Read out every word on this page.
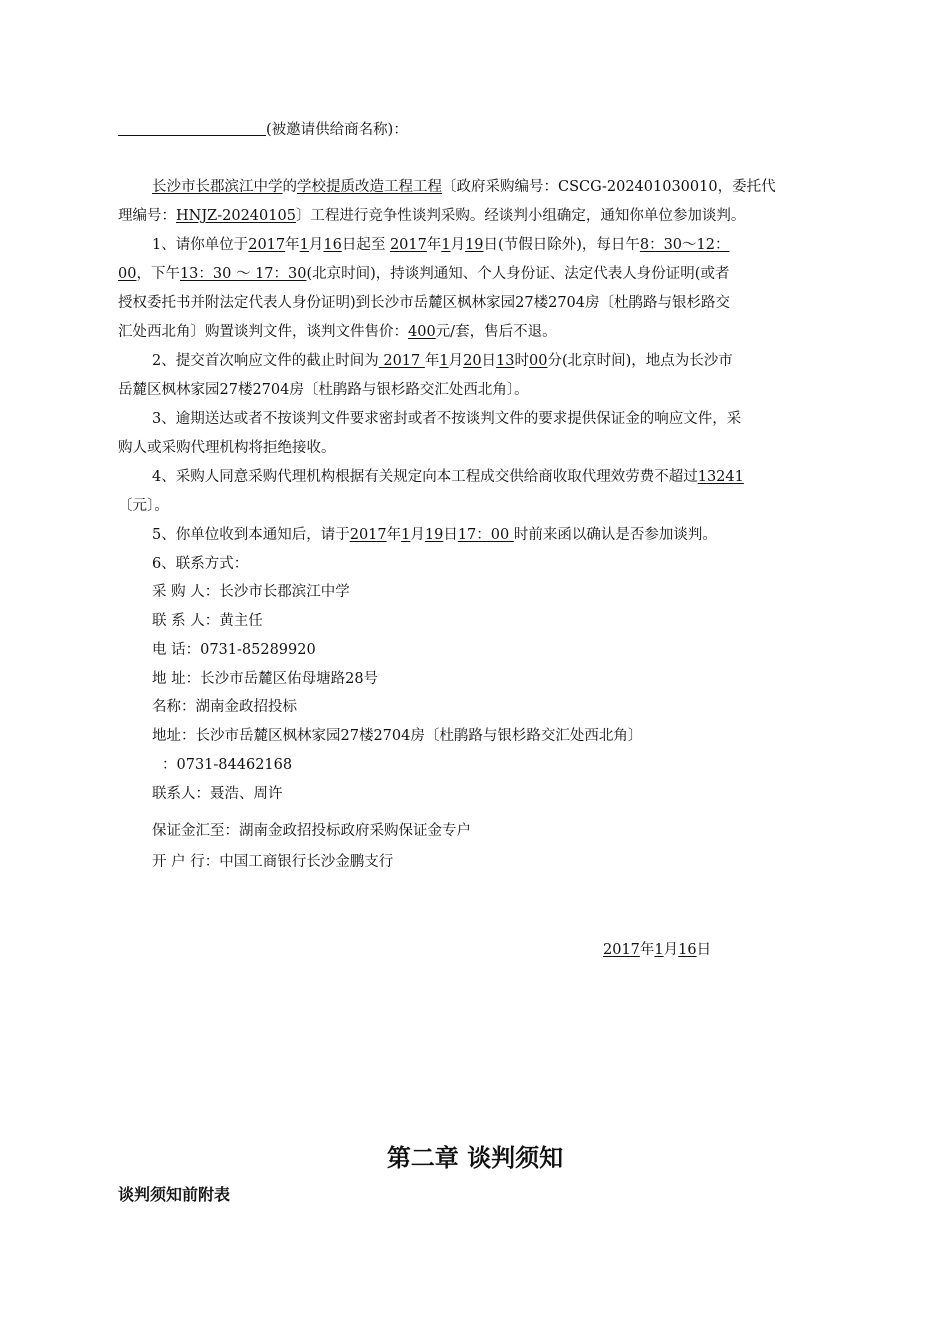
(被邀请供给商名称)：
长沙市长郡滨江中学的学校提质改造工程工程〔政府采购编号：CSCG-202401030010，委托代
理编号：HNJZ-20240105〕工程进行竞争性谈判采购。经谈判小组确定，通知你单位参加谈判。
1、请你单位于2017年1月16日起至 2017年1月19日(节假日除外)，每日午8：30～12：
00，下午13：30 ～ 17：30(北京时间)，持谈判通知、个人身份证、法定代表人身份证明(或者
授权委托书并附法定代表人身份证明)到长沙市岳麓区枫林家园27楼2704房〔杜鹃路与银杉路交
汇处西北角〕购置谈判文件，谈判文件售价：400元/套，售后不退。
2、提交首次响应文件的截止时间为 2017 年1月20日13时00分(北京时间)，地点为长沙市
岳麓区枫林家园27楼2704房〔杜鹃路与银杉路交汇处西北角〕。
3、逾期送达或者不按谈判文件要求密封或者不按谈判文件的要求提供保证金的响应文件，采
购人或采购代理机构将拒绝接收。
4、采购人同意采购代理机构根据有关规定向本工程成交供给商收取代理效劳费不超过13241
〔元〕。
5、你单位收到本通知后，请于2017年1月19日17：00 时前来函以确认是否参加谈判。
6、联系方式：
采 购 人：长沙市长郡滨江中学
联 系 人：黄主任
电 话：0731-85289920
地 址：长沙市岳麓区佑母塘路28号
名称：湖南金政招投标
地址：长沙市岳麓区枫林家园27楼2704房〔杜鹃路与银杉路交汇处西北角〕
：0731-84462168
联系人：聂浩、周许
保证金汇至：湖南金政招投标政府采购保证金专户
开 户 行：中国工商银行长沙金鹏支行
2017年1月16日
第二章 谈判须知
谈判须知前附表
